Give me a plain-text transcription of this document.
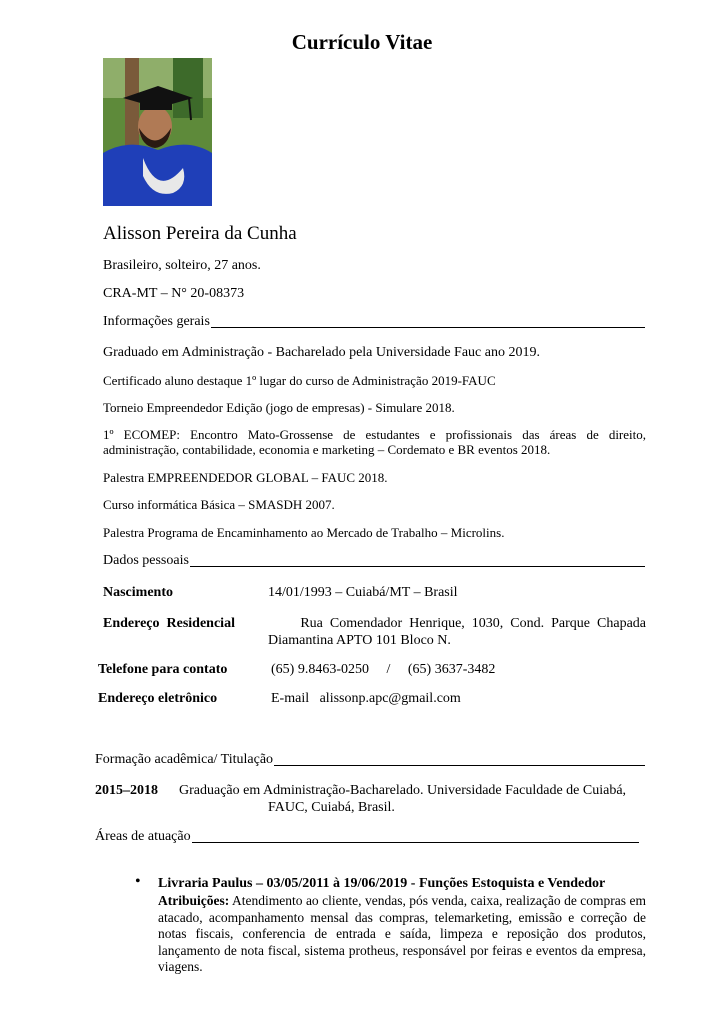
Currículo Vitae
Alisson Pereira da Cunha
Brasileiro, solteiro, 27 anos.
CRA-MT – N° 20-08373
Informações gerais
Graduado em Administração - Bacharelado pela Universidade Fauc ano 2019.
Certificado aluno destaque 1º lugar do curso de Administração 2019-FAUC
Torneio Empreendedor Edição (jogo de empresas) - Simulare 2018.
1º ECOMEP: Encontro Mato-Grossense de estudantes e profissionais das áreas de direito, administração, contabilidade, economia e marketing – Cordemato e BR eventos 2018.
Palestra EMPREENDEDOR GLOBAL – FAUC 2018.
Curso informática Básica – SMASDH 2007.
Palestra Programa de Encaminhamento ao Mercado de Trabalho – Microlins.
Dados pessoais
Nascimento	14/01/1993 – Cuiabá/MT – Brasil
Endereço  Residencial	Rua  Comendador  Henrique,  1030,  Cond.  Parque  Chapada
Diamantina APTO 101 Bloco N.
Telefone para contato	(65) 9.8463-0250     /     (65) 3637-3482
Endereço eletrônico	E-mail   alissonp.apc@gmail.com
Formação acadêmica/ Titulação
2015–2018 Graduação em Administração-Bacharelado. Universidade Faculdade de Cuiabá,
FAUC, Cuiabá, Brasil.
Áreas de atuação
• Livraria Paulus – 03/05/2011 à 19/06/2019 - Funções Estoquista e Vendedor
Atribuições: Atendimento ao cliente, vendas, pós venda, caixa, realização de compras em atacado, acompanhamento mensal das compras, telemarketing, emissão e correção de notas fiscais, conferencia de entrada e saída, limpeza e reposição dos produtos, lançamento de nota fiscal, sistema protheus, responsável por feiras e eventos da empresa, viagens.
